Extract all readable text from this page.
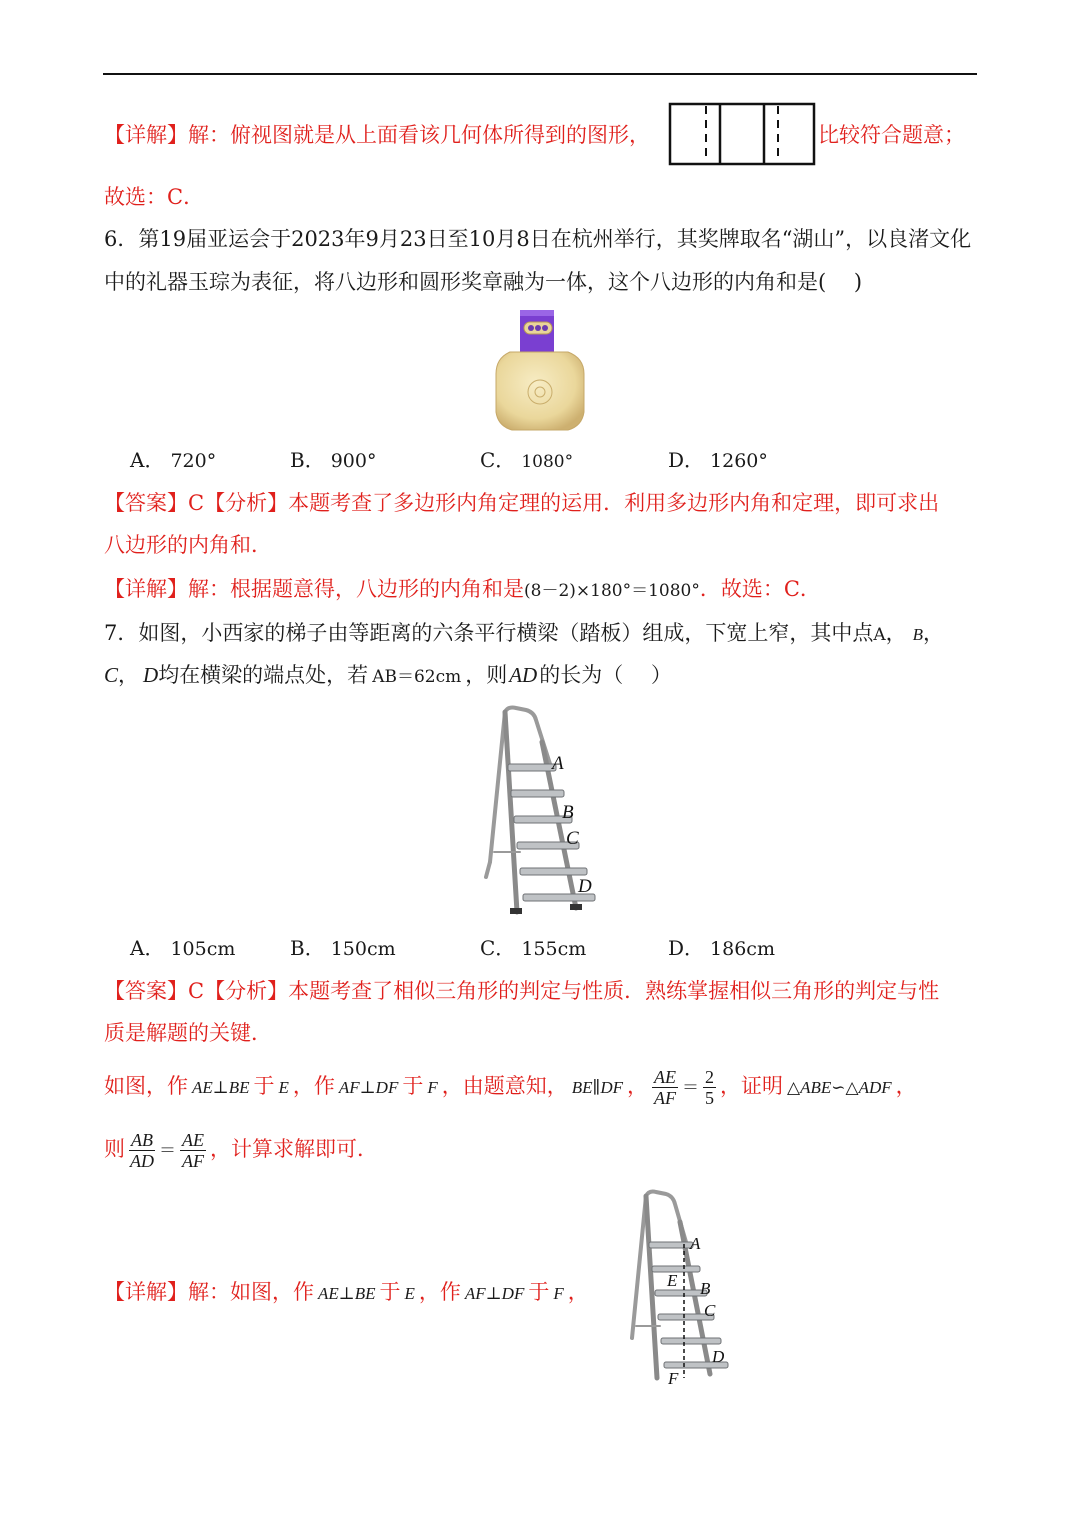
【详解】解：俯视图就是从上面看该几何体所得到的图形，	比较符合题意；
故选：C．
6．第19届亚运会于2023年9月23日至10月8日在杭州举行，其奖牌取名“湖山”，以良渚文化
中的礼器玉琮为表征，将八边形和圆形奖章融为一体，这个八边形的内角和是(　 )
A． 720°	B． 900°	C． 1080°	D． 1260°
【答案】C【分析】本题考查了多边形内角定理的运用．利用多边形内角和定理，即可求出
八边形的内角和．
【详解】解：根据题意得，八边形的内角和是(8－2)×180°＝1080°．故选：C．
7．如图，小西家的梯子由等距离的六条平行横梁（踏板）组成，下宽上窄，其中点A， B，
C， D均在横梁的端点处，若 AB＝62cm ，则AD的长为（　 ）
A
B
C
D
A． 105cm	B． 150cm	C． 155cm	D． 186cm
【答案】C【分析】本题考查了相似三角形的判定与性质．熟练掌握相似三角形的判定与性
质是解题的关键．
如图，作 AE⊥BE 于 E ，作 AF⊥DF 于 F ，由题意知， BE∥DF ， $\frac{AE}{AF} = \frac{2}{5}$ ，证明 △ABE∽△ADF ，
则 $\frac{AB}{AD} = \frac{AE}{AF}$ ，计算求解即可．
【详解】解：如图，作 AE⊥BE 于 E ，作 AF⊥DF 于 F ，
A
E B
C
D
F
